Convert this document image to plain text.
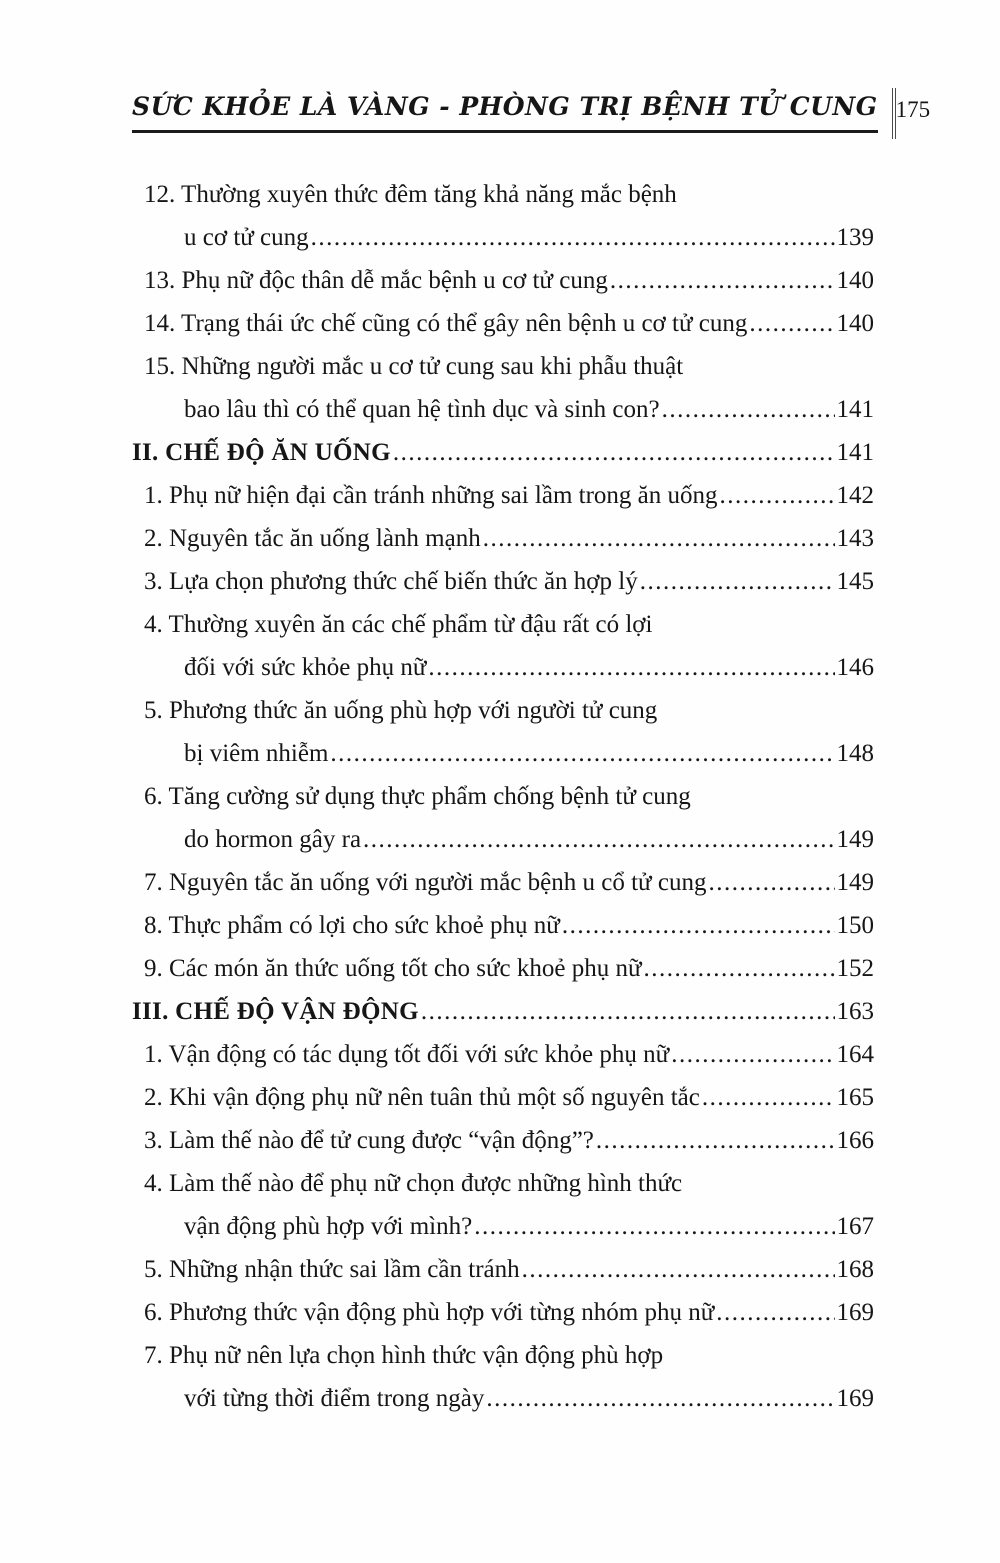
SỨC KHỎE LÀ VÀNG - PHÒNG TRỊ BỆNH TỬ CUNG 175
12. Thường xuyên thức đêm tăng khả năng mắc bệnh
u cơ tử cung .....	139
13. Phụ nữ độc thân dễ mắc bệnh u cơ tử cung .....	140
14. Trạng thái ức chế cũng có thể gây nên bệnh u cơ tử cung .....	140
15. Những người mắc u cơ tử cung sau khi phẫu thuật
bao lâu thì có thể quan hệ tình dục và sinh con? .....	141
II. CHẾ ĐỘ ĂN UỐNG .....	141
1. Phụ nữ hiện đại cần tránh những sai lầm trong ăn uống .....	142
2. Nguyên tắc ăn uống lành mạnh .....	143
3. Lựa chọn phương thức chế biến thức ăn hợp lý .....	145
4. Thường xuyên ăn các chế phẩm từ đậu rất có lợi
đối với sức khỏe phụ nữ .....	146
5. Phương thức ăn uống phù hợp với người tử cung
bị viêm nhiễm .....	148
6. Tăng cường sử dụng thực phẩm chống bệnh tử cung
do hormon gây ra .....	149
7. Nguyên tắc ăn uống với người mắc bệnh u cổ tử cung .....	149
8. Thực phẩm có lợi cho sức khoẻ phụ nữ .....	150
9. Các món ăn thức uống tốt cho sức khoẻ phụ nữ .....	152
III. CHẾ ĐỘ VẬN ĐỘNG .....	163
1. Vận động có tác dụng tốt đối với sức khỏe phụ nữ .....	164
2. Khi vận động phụ nữ nên tuân thủ một số nguyên tắc .....	165
3. Làm thế nào để tử cung được “vận động”? .....	166
4. Làm thế nào để phụ nữ chọn được những hình thức
vận động phù hợp với mình? .....	167
5. Những nhận thức sai lầm cần tránh .....	168
6. Phương thức vận động phù hợp với từng nhóm phụ nữ .....	169
7. Phụ nữ nên lựa chọn hình thức vận động phù hợp
với từng thời điểm trong ngày .....	169
